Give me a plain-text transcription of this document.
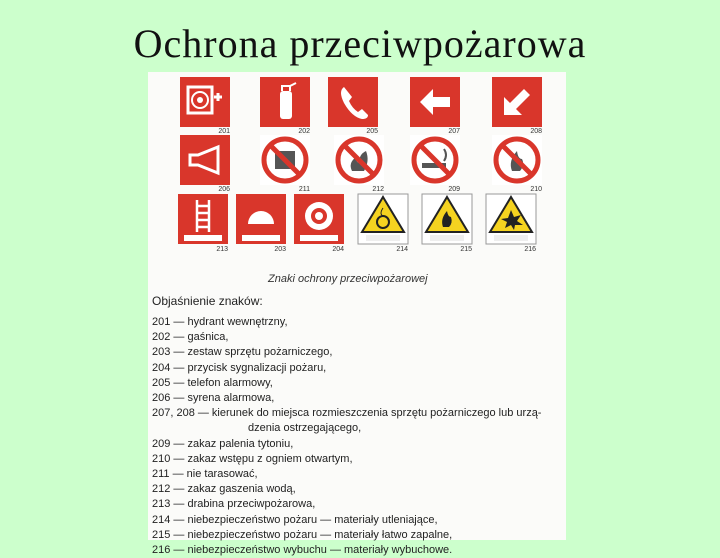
Ochrona przeciwpożarowa
201	202	205	207	208
206	211	212	209	210
213	203	204	214	215	216
Znaki ochrony przeciwpożarowej
Objaśnienie znaków:
201 — hydrant wewnętrzny,
202 — gaśnica,
203 — zestaw sprzętu pożarniczego,
204 — przycisk sygnalizacji pożaru,
205 — telefon alarmowy,
206 — syrena alarmowa,
207, 208 — kierunek do miejsca rozmieszczenia sprzętu pożarniczego lub urzą-
dzenia ostrzegającego,
209 — zakaz palenia tytoniu,
210 — zakaz wstępu z ogniem otwartym,
211 — nie tarasować,
212 — zakaz gaszenia wodą,
213 — drabina przeciwpożarowa,
214 — niebezpieczeństwo pożaru — materiały utleniające,
215 — niebezpieczeństwo pożaru — materiały łatwo zapalne,
216 — niebezpieczeństwo wybuchu — materiały wybuchowe.
